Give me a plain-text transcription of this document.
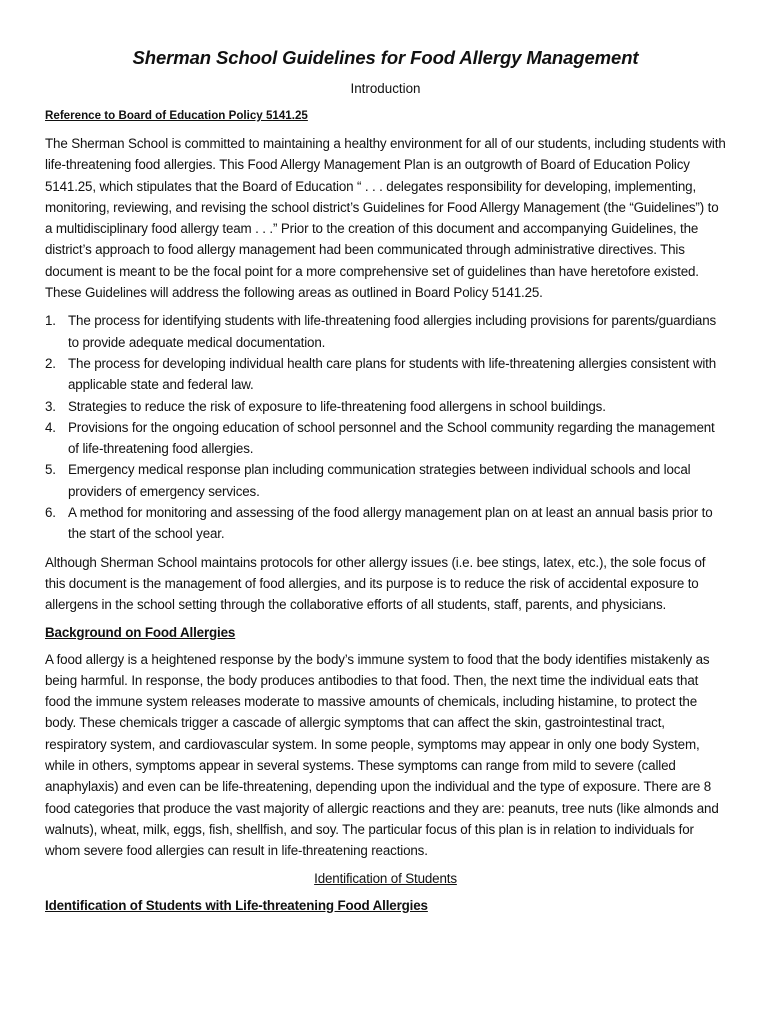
Sherman School Guidelines for Food Allergy Management
Introduction
Reference to Board of Education Policy 5141.25

The Sherman School is committed to maintaining a healthy environment for all of our students, including students with life-threatening food allergies. This Food Allergy Management Plan is an outgrowth of Board of Education Policy 5141.25, which stipulates that the Board of Education “ . . . delegates responsibility for developing, implementing, monitoring, reviewing, and revising the school district’s Guidelines for Food Allergy Management (the “Guidelines”) to a multidisciplinary food allergy team . . .” Prior to the creation of this document and accompanying Guidelines, the district’s approach to food allergy management had been communicated through administrative directives. This document is meant to be the focal point for a more comprehensive set of guidelines than have heretofore existed. These Guidelines will address the following areas as outlined in Board Policy 5141.25.

1. The process for identifying students with life-threatening food allergies including provisions for parents/guardians to provide adequate medical documentation.
2. The process for developing individual health care plans for students with life-threatening allergies consistent with applicable state and federal law.
3. Strategies to reduce the risk of exposure to life-threatening food allergens in school buildings.
4. Provisions for the ongoing education of school personnel and the School community regarding the management of life-threatening food allergies.
5. Emergency medical response plan including communication strategies between individual schools and local providers of emergency services.
6. A method for monitoring and assessing of the food allergy management plan on at least an annual basis prior to the start of the school year.

Although Sherman School maintains protocols for other allergy issues (i.e. bee stings, latex, etc.), the sole focus of this document is the management of food allergies, and its purpose is to reduce the risk of accidental exposure to allergens in the school setting through the collaborative efforts of all students, staff, parents, and physicians.

Background on Food Allergies

A food allergy is a heightened response by the body’s immune system to food that the body identifies mistakenly as being harmful. In response, the body produces antibodies to that food. Then, the next time the individual eats that food the immune system releases moderate to massive amounts of chemicals, including histamine, to protect the body. These chemicals trigger a cascade of allergic symptoms that can affect the skin, gastrointestinal tract, respiratory system, and cardiovascular system. In some people, symptoms may appear in only one body System, while in others, symptoms appear in several systems. These symptoms can range from mild to severe (called anaphylaxis) and even can be life-threatening, depending upon the individual and the type of exposure. There are 8 food categories that produce the vast majority of allergic reactions and they are: peanuts, tree nuts (like almonds and walnuts), wheat, milk, eggs, fish, shellfish, and soy. The particular focus of this plan is in relation to individuals for whom severe food allergies can result in life-threatening reactions.

Identification of Students
Identification of Students with Life-threatening Food Allergies
